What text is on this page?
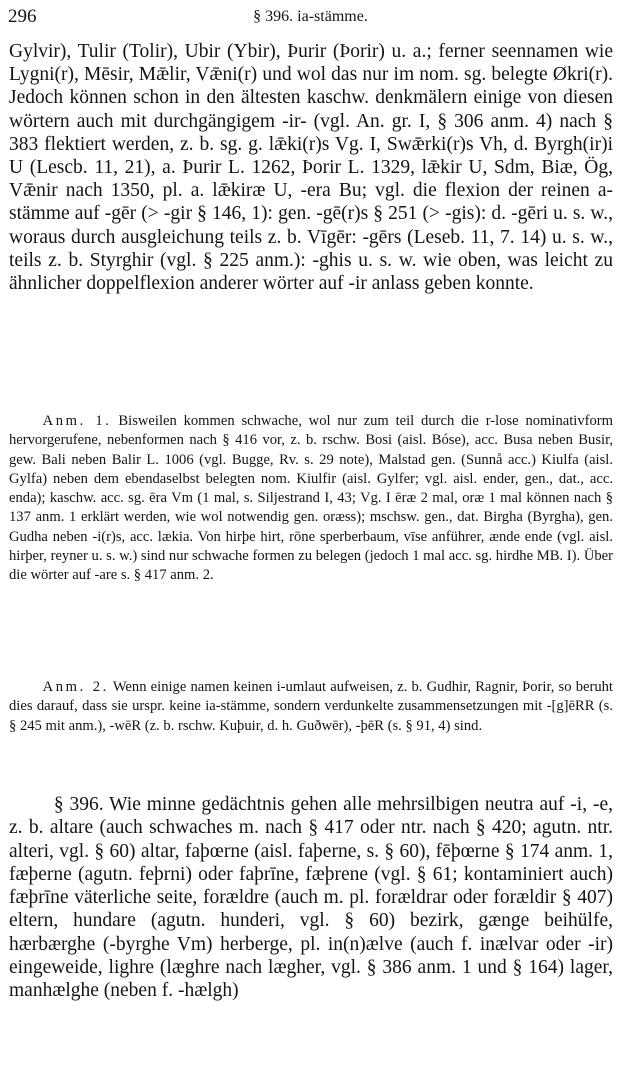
296	§ 396. ia-stämme.

Gylvir), Tulir (Tolir), Ubir (Ybir), Þurir (Þorir) u. a.; ferner seennamen wie Lygni(r), Mēsir, Mǣlir, Vǣni(r) und wol das nur im nom. sg. belegte Økri(r). Jedoch können schon in den ältesten kaschw. denkmälern einige von diesen wörtern auch mit durchgängigem -ir- (vgl. An. gr. I, § 306 anm. 4) nach § 383 flektiert werden, z. b. sg. g. lǣki(r)s Vg. I, Swǣrki(r)s Vh, d. Byrgh(ir)i U (Lescb. 11, 21), a. Þurir L. 1262, Þorir L. 1329, lǣkir U, Sdm, Biæ, Ög, Vǣnir nach 1350, pl. a. lǣkiræ U, -era Bu; vgl. die flexion der reinen a-stämme auf -gēr (> -gir § 146, 1): gen. -gē(r)s § 251 (> -gis): d. -gēri u. s. w., woraus durch ausgleichung teils z. b. Vīgēr: -gērs (Leseb. 11, 7. 14) u. s. w., teils z. b. Styrghir (vgl. § 225 anm.): -ghis u. s. w. wie oben, was leicht zu ähnlicher doppelflexion anderer wörter auf -ir anlass geben konnte.

Anm. 1. Bisweilen kommen schwache, wol nur zum teil durch die r-lose nominativform hervorgerufene, nebenformen nach § 416 vor, z. b. rschw. Bosi (aisl. Bóse), acc. Busa neben Busir, gew. Bali neben Balir L. 1006 (vgl. Bugge, Rv. s. 29 note), Malstad gen. (Sunnå acc.) Kiulfa (aisl. Gylfa) neben dem ebendaselbst belegten nom. Kiulfir (aisl. Gylfer; vgl. aisl. ender, gen., dat., acc. enda); kaschw. acc. sg. ēra Vm (1 mal, s. Siljestrand I, 43; Vg. I ēræ 2 mal, oræ 1 mal können nach § 137 anm. 1 erklärt werden, wie wol notwendig gen. oræss); mschsw. gen., dat. Birgha (Byrgha), gen. Gudha neben -i(r)s, acc. lækia. Von hirþe hirt, rōne sperberbaum, vīse anführer, ænde ende (vgl. aisl. hirþer, reyner u. s. w.) sind nur schwache formen zu belegen (jedoch 1 mal acc. sg. hirdhe MB. I). Über die wörter auf -are s. § 417 anm. 2.

Anm. 2. Wenn einige namen keinen i-umlaut aufweisen, z. b. Gudhir, Ragnir, Þorir, so beruht dies darauf, dass sie urspr. keine ia-stämme, sondern verdunkelte zusammensetzungen mit -[g]ēRR (s. § 245 mit anm.), -wēR (z. b. rschw. Kuþuir, d. h. Guðwēr), -þēR (s. § 91, 4) sind.

§ 396. Wie minne gedächtnis gehen alle mehrsilbigen neutra auf -i, -e, z. b. altare (auch schwaches m. nach § 417 oder ntr. nach § 420; agutn. ntr. alteri, vgl. § 60) altar, faþœrne (aisl. faþerne, s. § 60), fēþœrne § 174 anm. 1, fæþerne (agutn. feþrni) oder faþrīne, fæþrene (vgl. § 61; kontaminiert auch) fæþrīne väterliche seite, forældre (auch m. pl. foræld​rar oder forældir § 407) eltern, hundare (agutn. hunderi, vgl. § 60) bezirk, gænge beihülfe, hærbærghe (-byrghe Vm) herberge, pl. in(n)ælve (auch f. inælvar oder -ir) eingeweide, lighre (læghre nach lægher, vgl. § 386 anm. 1 und § 164) lager, manhælghe (neben f. -hælgh)
